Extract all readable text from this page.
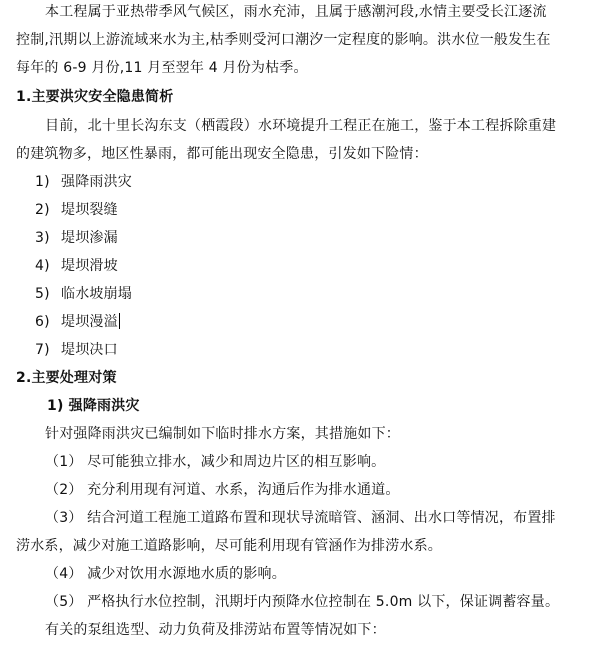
本工程属于亚热带季风气候区，雨水充沛，且属于感潮河段,水情主要受长江逐流
控制,汛期以上游流域来水为主,枯季则受河口潮汐一定程度的影响。洪水位一般发生在
每年的 6-9 月份,11 月至翌年 4 月份为枯季。
1.主要洪灾安全隐患简析
目前，北十里长沟东支（栖霞段）水环境提升工程正在施工，鉴于本工程拆除重建
的建筑物多，地区性暴雨，都可能出现安全隐患，引发如下险情：
1) 强降雨洪灾
2) 堤坝裂缝
3) 堤坝渗漏
4) 堤坝滑坡
5) 临水坡崩塌
6) 堤坝漫溢
7) 堤坝决口
2.主要处理对策
1) 强降雨洪灾
针对强降雨洪灾已编制如下临时排水方案，其措施如下：
（1） 尽可能独立排水，减少和周边片区的相互影响。
（2） 充分利用现有河道、水系，沟通后作为排水通道。
（3） 结合河道工程施工道路布置和现状导流暗管、涵洞、出水口等情况，布置排
涝水系，减少对施工道路影响，尽可能利用现有管涵作为排涝水系。
（4） 减少对饮用水源地水质的影响。
（5） 严格执行水位控制，汛期圩内预降水位控制在 5.0m 以下，保证调蓄容量。
有关的泵组选型、动力负荷及排涝站布置等情况如下：
